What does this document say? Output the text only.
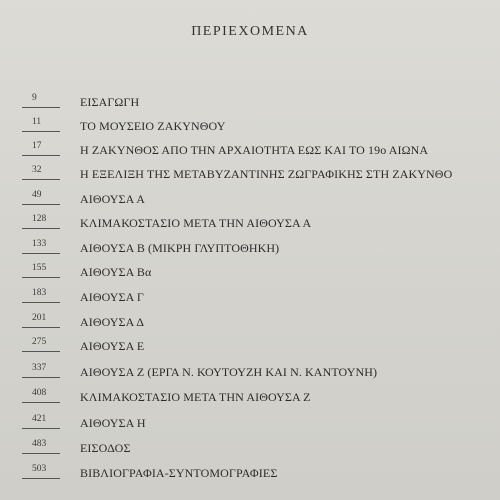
ΠΕΡΙΕΧΟΜΕΝΑ
9	ΕΙΣΑΓΩΓΗ
11	ΤΟ ΜΟΥΣΕΙΟ ΖΑΚΥΝΘΟΥ
17	Η ΖΑΚΥΝΘΟΣ ΑΠΟ ΤΗΝ ΑΡΧΑΙΟΤΗΤΑ ΕΩΣ ΚΑΙ ΤΟ 19ο ΑΙΩΝΑ
32	Η ΕΞΕΛΙΞΗ ΤΗΣ ΜΕΤΑΒΥΖΑΝΤΙΝΗΣ ΖΩΓΡΑΦΙΚΗΣ ΣΤΗ ΖΑΚΥΝΘΟ
49	ΑΙΘΟΥΣΑ Α
128	ΚΛΙΜΑΚΟΣΤΑΣΙΟ ΜΕΤΑ ΤΗΝ ΑΙΘΟΥΣΑ Α
133	ΑΙΘΟΥΣΑ Β (ΜΙΚΡΗ ΓΛΥΠΤΟΘΗΚΗ)
155	ΑΙΘΟΥΣΑ Βα
183	ΑΙΘΟΥΣΑ Γ
201	ΑΙΘΟΥΣΑ Δ
275	ΑΙΘΟΥΣΑ Ε
337	ΑΙΘΟΥΣΑ Ζ (ΕΡΓΑ Ν. ΚΟΥΤΟΥΖΗ ΚΑΙ Ν. ΚΑΝΤΟΥΝΗ)
408	ΚΛΙΜΑΚΟΣΤΑΣΙΟ ΜΕΤΑ ΤΗΝ ΑΙΘΟΥΣΑ Ζ
421	ΑΙΘΟΥΣΑ Η
483	ΕΙΣΟΔΟΣ
503	ΒΙΒΛΙΟΓΡΑΦΙΑ-ΣΥΝΤΟΜΟΓΡΑΦΙΕΣ
